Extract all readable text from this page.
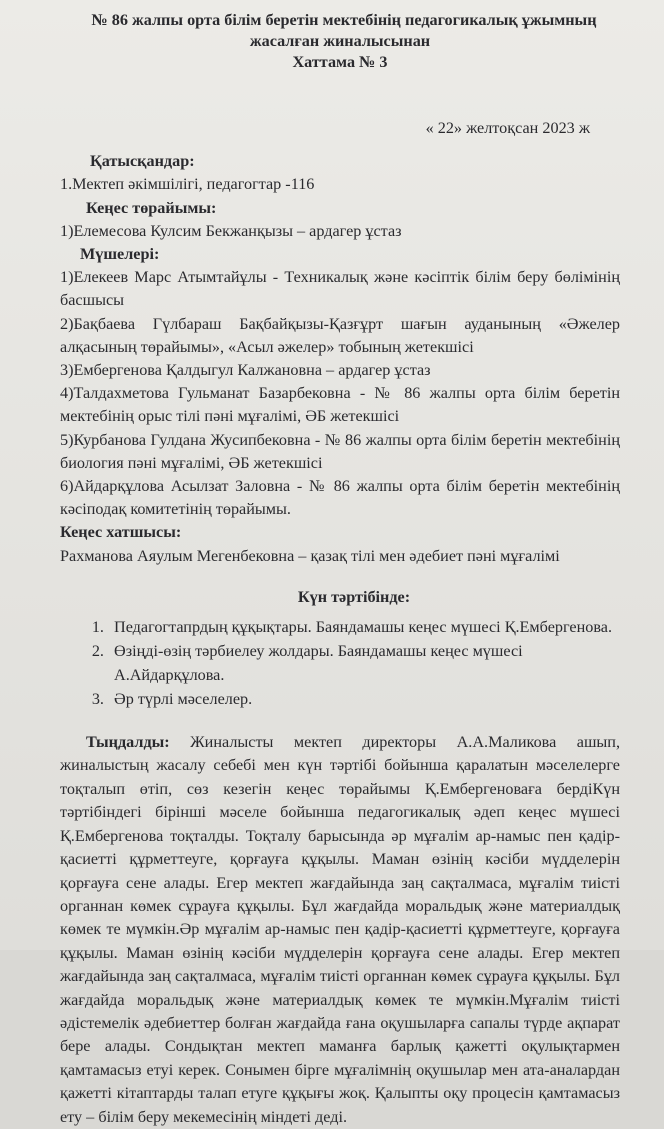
№ 86 жалпы орта білім беретін мектебінің педагогикалық ұжымның

жасалған жиналысынан

Хаттама № 3

« 22» желтоқсан 2023 ж

Қатысқандар:

1.Мектеп әкімшілігі, педагогтар -116

Кеңес төрайымы:

1)Елемесова Кулсим Бекжанқызы – ардагер ұстаз

Мүшелері:

1)Елекеев Марс Атымтайұлы - Техникалық және кәсіптік білім беру бөлімінің басшысы

2)Бақбаева Гүлбараш Бақбайқызы-Қазғұрт шағын ауданының «Әжелер алқасының төрайымы», «Асыл әжелер» тобының жетекшісі

3)Ембергенова Қалдыгул Калжановна – ардагер ұстаз

4)Талдахметова Гульманат Базарбековна - № 86 жалпы орта білім беретін мектебінің орыс тілі пәні мұғалімі, ӘБ жетекшісі

5)Курбанова Гулдана Жусипбековна - № 86 жалпы орта білім беретін мектебінің биология пәні мұғалімі, ӘБ жетекшісі

6)Айдарқұлова Асылзат Заловна - № 86 жалпы орта білім беретін мектебінің кәсіподақ комитетінің төрайымы.

Кеңес хатшысы:

Рахманова Аяулым Мегенбековна – қазақ тілі мен әдебиет пәні мұғалімі

Күн тәртібінде:

1. Педагогтапрдың құқықтары. Баяндамашы кеңес мүшесі Қ.Ембергенова.
2. Өзіңді-өзің тәрбиелеу жолдары. Баяндамашы кеңес мүшесі А.Айдарқұлова.
3. Әр түрлі мәселелер.

Тыңдалды: Жиналысты мектеп директоры А.А.Маликова ашып, жиналыстың жасалу себебі мен күн тәртібі бойынша қаралатын мәселелерге тоқталып өтіп, сөз кезегін кеңес төрайымы Қ.Ембергеноваға бердіКүн тәртібіндегі бірінші мәселе бойынша педагогикалық әдеп кеңес мүшесі Қ.Ембергенова тоқталды. Тоқталу барысында әр мұғалім ар-намыс пен қадір-қасиетті құрметтеуге, қорғауға құқылы. Маман өзінің кәсіби мүдделерін қорғауға сене алады. Егер мектеп жағдайында заң сақталмаса, мұғалім тиісті органнан көмек сұрауға құқылы. Бұл жағдайда моральдық және материалдық көмек те мүмкін.Әр мұғалім ар-намыс пен қадір-қасиетті құрметтеуге, қорғауға құқылы. Маман өзінің кәсіби мүдделерін қорғауға сене алады. Егер мектеп жағдайында заң сақталмаса, мұғалім тиісті органнан көмек сұрауға құқылы. Бұл жағдайда моральдық және материалдық көмек те мүмкін.Мұғалім тиісті әдістемелік әдебиеттер болған жағдайда ғана оқушыларға сапалы түрде ақпарат бере алады. Сондықтан мектеп маманға барлық қажетті оқулықтармен қамтамасыз етуі керек. Сонымен бірге мұғалімнің оқушылар мен ата-аналардан қажетті кітаптарды талап етуге құқығы жоқ. Қалыпты оқу процесін қамтамасыз ету – білім беру мекемесінің міндеті деді.
